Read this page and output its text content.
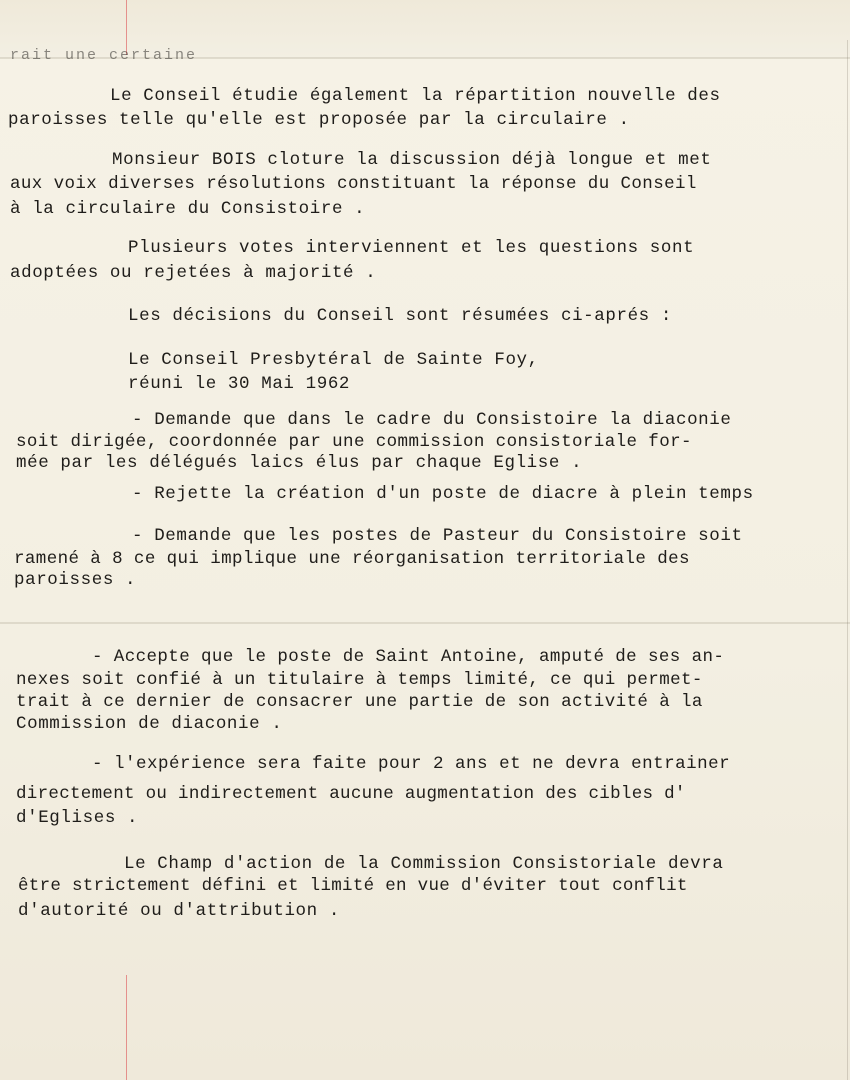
rait une certaine
Le Conseil étudie également la répartition nouvelle des
paroisses telle qu'elle est proposée par la circulaire .
Monsieur BOIS cloture la discussion déjà longue et met
aux voix diverses résolutions constituant la réponse du Conseil
à la circulaire du Consistoire .
Plusieurs votes interviennent et les questions sont
adoptées ou rejetées à majorité .
Les décisions du Conseil sont résumées ci-aprés :
Le Conseil Presbytéral de Sainte Foy,
réuni le 30 Mai 1962
- Demande que dans le cadre du Consistoire la diaconie
soit dirigée, coordonnée par une commission consistoriale for-
mée par les délégués laics élus par chaque Eglise .
- Rejette la création d'un poste de diacre à plein temps
- Demande que les postes de Pasteur du Consistoire soit
ramené à 8 ce qui implique une réorganisation territoriale des
paroisses .
- Accepte que le poste de Saint Antoine, amputé de ses an-
nexes soit confié à un titulaire à temps limité, ce qui permet-
trait à ce dernier de consacrer une partie de son activité à la
Commission de diaconie .
- l'expérience sera faite pour 2 ans et ne devra entrainer
directement ou indirectement aucune augmentation des cibles d'
d'Eglises .
Le Champ d'action de la Commission Consistoriale devra
être strictement défini et limité en vue d'éviter tout conflit
d'autorité ou d'attribution .
